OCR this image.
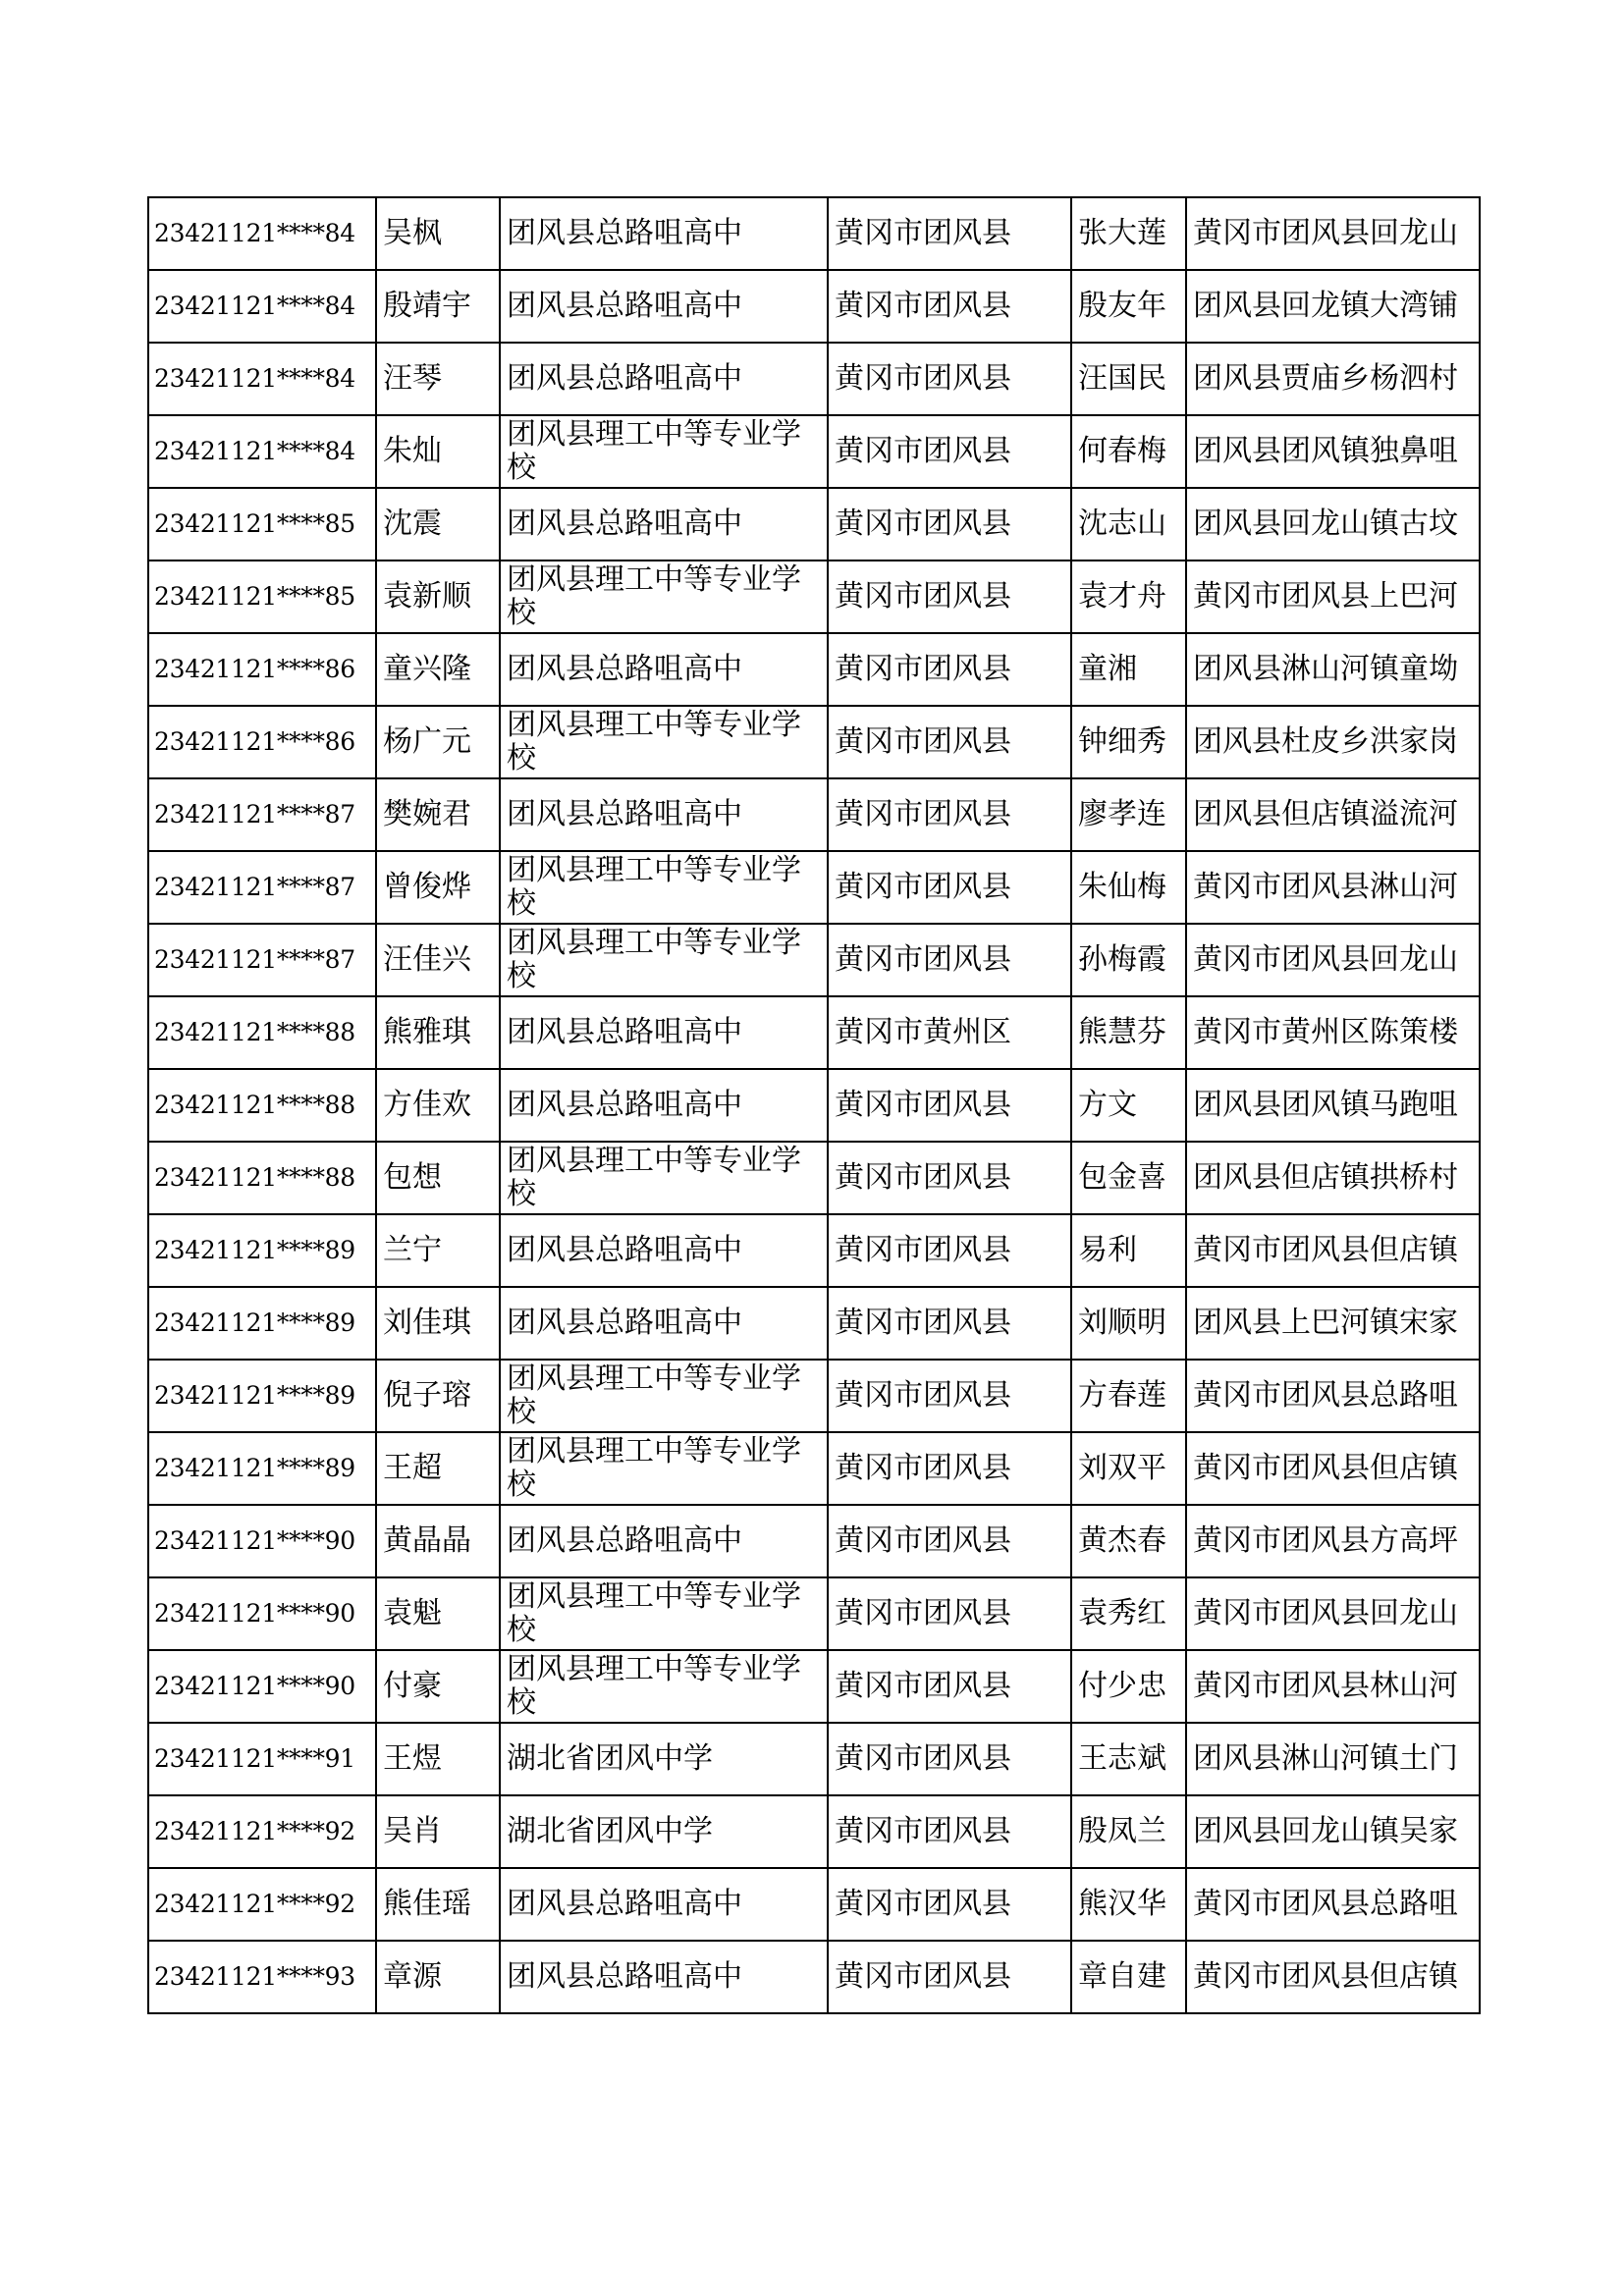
23421121****84	吴枫	团风县总路咀高中	黄冈市团风县	张大莲	黄冈市团风县回龙山
23421121****84	殷靖宇	团风县总路咀高中	黄冈市团风县	殷友年	团风县回龙镇大湾铺
23421121****84	汪琴	团风县总路咀高中	黄冈市团风县	汪国民	团风县贾庙乡杨泗村
23421121****84	朱灿	团风县理工中等专业学校	黄冈市团风县	何春梅	团风县团风镇独鼻咀
23421121****85	沈震	团风县总路咀高中	黄冈市团风县	沈志山	团风县回龙山镇古坟
23421121****85	袁新顺	团风县理工中等专业学校	黄冈市团风县	袁才舟	黄冈市团风县上巴河
23421121****86	童兴隆	团风县总路咀高中	黄冈市团风县	童湘	团风县淋山河镇童坳
23421121****86	杨广元	团风县理工中等专业学校	黄冈市团风县	钟细秀	团风县杜皮乡洪家岗
23421121****87	樊婉君	团风县总路咀高中	黄冈市团风县	廖孝连	团风县但店镇溢流河
23421121****87	曾俊烨	团风县理工中等专业学校	黄冈市团风县	朱仙梅	黄冈市团风县淋山河
23421121****87	汪佳兴	团风县理工中等专业学校	黄冈市团风县	孙梅霞	黄冈市团风县回龙山
23421121****88	熊雅琪	团风县总路咀高中	黄冈市黄州区	熊慧芬	黄冈市黄州区陈策楼
23421121****88	方佳欢	团风县总路咀高中	黄冈市团风县	方文	团风县团风镇马跑咀
23421121****88	包想	团风县理工中等专业学校	黄冈市团风县	包金喜	团风县但店镇拱桥村
23421121****89	兰宁	团风县总路咀高中	黄冈市团风县	易利	黄冈市团风县但店镇
23421121****89	刘佳琪	团风县总路咀高中	黄冈市团风县	刘顺明	团风县上巴河镇宋家
23421121****89	倪子瑢	团风县理工中等专业学校	黄冈市团风县	方春莲	黄冈市团风县总路咀
23421121****89	王超	团风县理工中等专业学校	黄冈市团风县	刘双平	黄冈市团风县但店镇
23421121****90	黄晶晶	团风县总路咀高中	黄冈市团风县	黄杰春	黄冈市团风县方高坪
23421121****90	袁魁	团风县理工中等专业学校	黄冈市团风县	袁秀红	黄冈市团风县回龙山
23421121****90	付豪	团风县理工中等专业学校	黄冈市团风县	付少忠	黄冈市团风县林山河
23421121****91	王煜	湖北省团风中学	黄冈市团风县	王志斌	团风县淋山河镇土门
23421121****92	吴肖	湖北省团风中学	黄冈市团风县	殷凤兰	团风县回龙山镇吴家
23421121****92	熊佳瑶	团风县总路咀高中	黄冈市团风县	熊汉华	黄冈市团风县总路咀
23421121****93	章源	团风县总路咀高中	黄冈市团风县	章自建	黄冈市团风县但店镇
